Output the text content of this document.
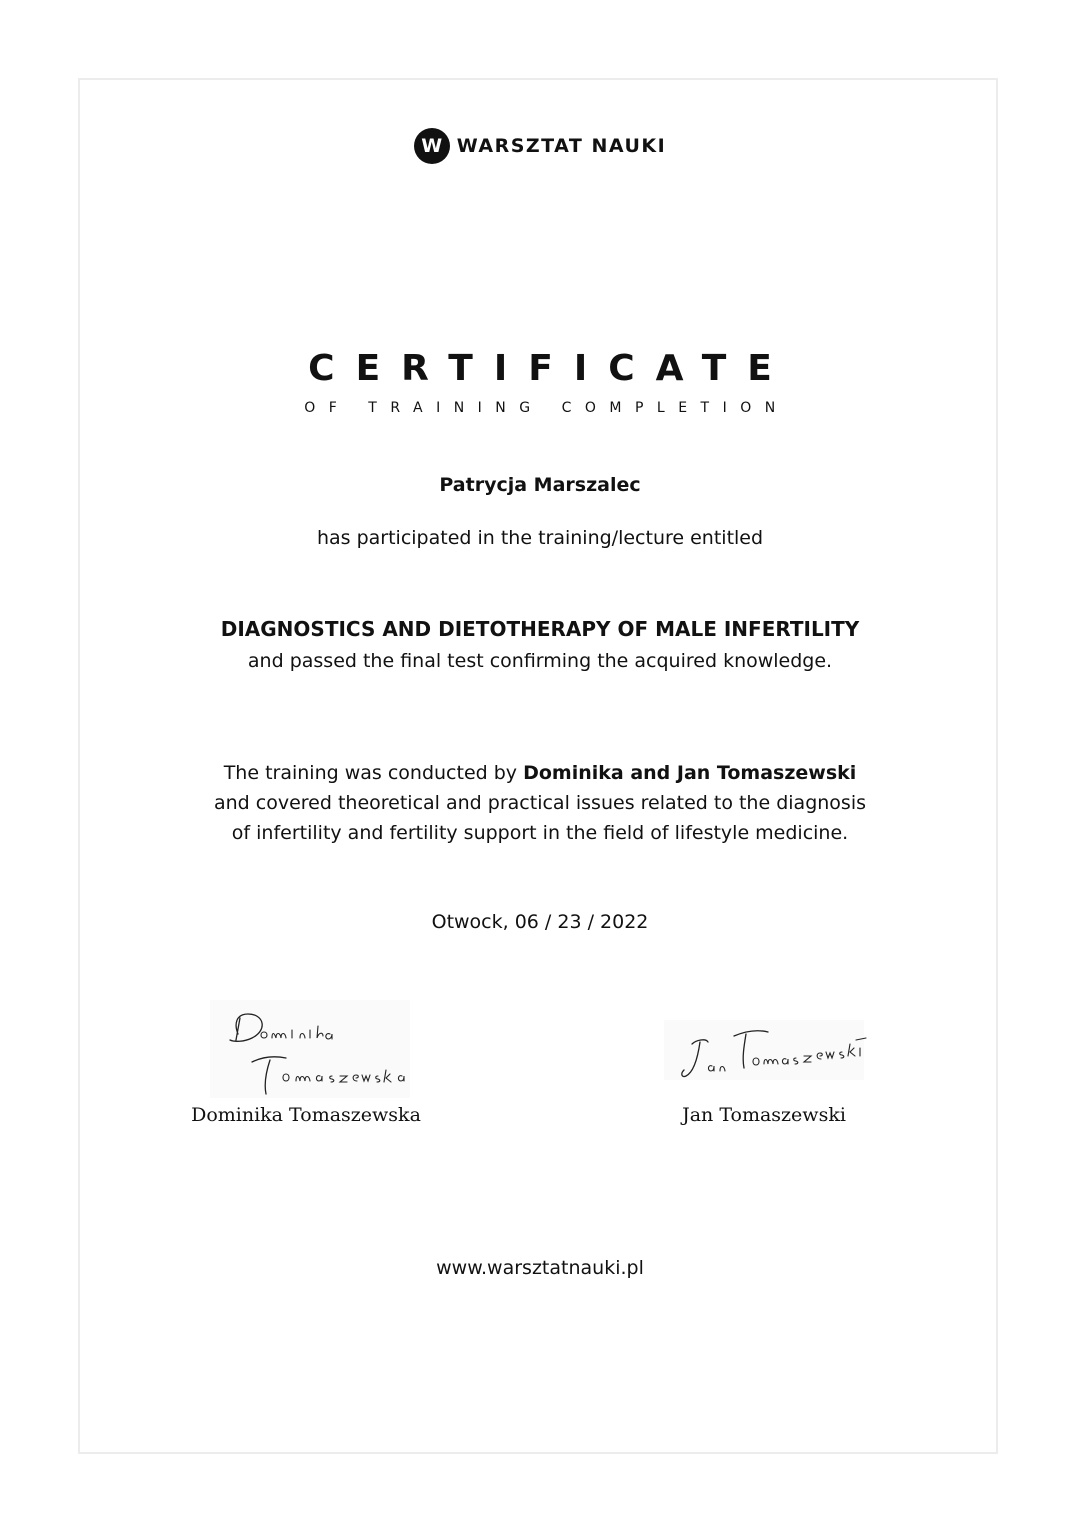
W WARSZTAT NAUKI
CERTIFICATE
OF TRAINING COMPLETION
Patrycja Marszalec
has participated in the training/lecture entitled
DIAGNOSTICS AND DIETOTHERAPY OF MALE INFERTILITY
and passed the final test confirming the acquired knowledge.
The training was conducted by Dominika and Jan Tomaszewski
and covered theoretical and practical issues related to the diagnosis
of infertility and fertility support in the field of lifestyle medicine.
Otwock, 06 / 23 / 2022
Dominika Tomaszewska	Jan Tomaszewski
www.warsztatnauki.pl
